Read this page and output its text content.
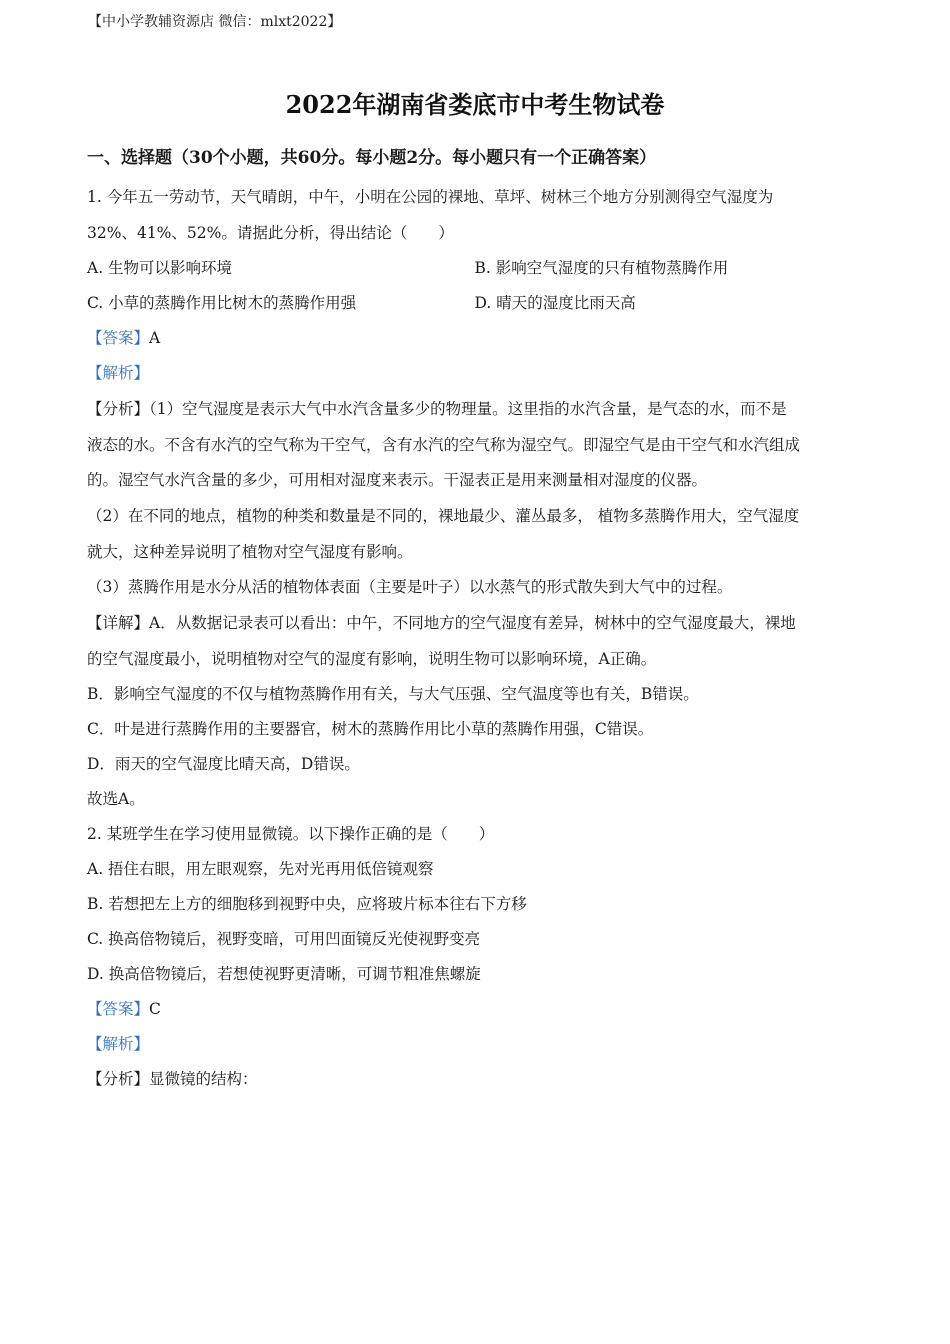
【中小学教辅资源店 微信：mlxt2022】
2022年湖南省娄底市中考生物试卷
一、选择题（30个小题，共60分。每小题2分。每小题只有一个正确答案）
1. 今年五一劳动节，天气晴朗，中午，小明在公园的裸地、草坪、树林三个地方分别测得空气湿度为
32%、41%、52%。请据此分析，得出结论（　　）
A. 生物可以影响环境	B. 影响空气湿度的只有植物蒸腾作用
C. 小草的蒸腾作用比树木的蒸腾作用强	D. 晴天的湿度比雨天高
【答案】A
【解析】
【分析】（1）空气湿度是表示大气中水汽含量多少的物理量。这里指的水汽含量，是气态的水，而不是
液态的水。不含有水汽的空气称为干空气，含有水汽的空气称为湿空气。即湿空气是由干空气和水汽组成
的。湿空气水汽含量的多少，可用相对湿度来表示。干湿表正是用来测量相对湿度的仪器。
（2）在不同的地点，植物的种类和数量是不同的，裸地最少、灌丛最多， 植物多蒸腾作用大，空气湿度
就大，这种差异说明了植物对空气湿度有影响。
（3）蒸腾作用是水分从活的植物体表面（主要是叶子）以水蒸气的形式散失到大气中的过程。
【详解】A．从数据记录表可以看出：中午，不同地方的空气湿度有差异，树林中的空气湿度最大，裸地
的空气湿度最小，说明植物对空气的湿度有影响，说明生物可以影响环境，A正确。
B．影响空气湿度的不仅与植物蒸腾作用有关，与大气压强、空气温度等也有关，B错误。
C．叶是进行蒸腾作用的主要器官，树木的蒸腾作用比小草的蒸腾作用强，C错误。
D．雨天的空气湿度比晴天高，D错误。
故选A。
2. 某班学生在学习使用显微镜。以下操作正确的是（　　）
A. 捂住右眼，用左眼观察，先对光再用低倍镜观察
B. 若想把左上方的细胞移到视野中央，应将玻片标本往右下方移
C. 换高倍物镜后，视野变暗，可用凹面镜反光使视野变亮
D. 换高倍物镜后，若想使视野更清晰，可调节粗准焦螺旋
【答案】C
【解析】
【分析】显微镜的结构：
